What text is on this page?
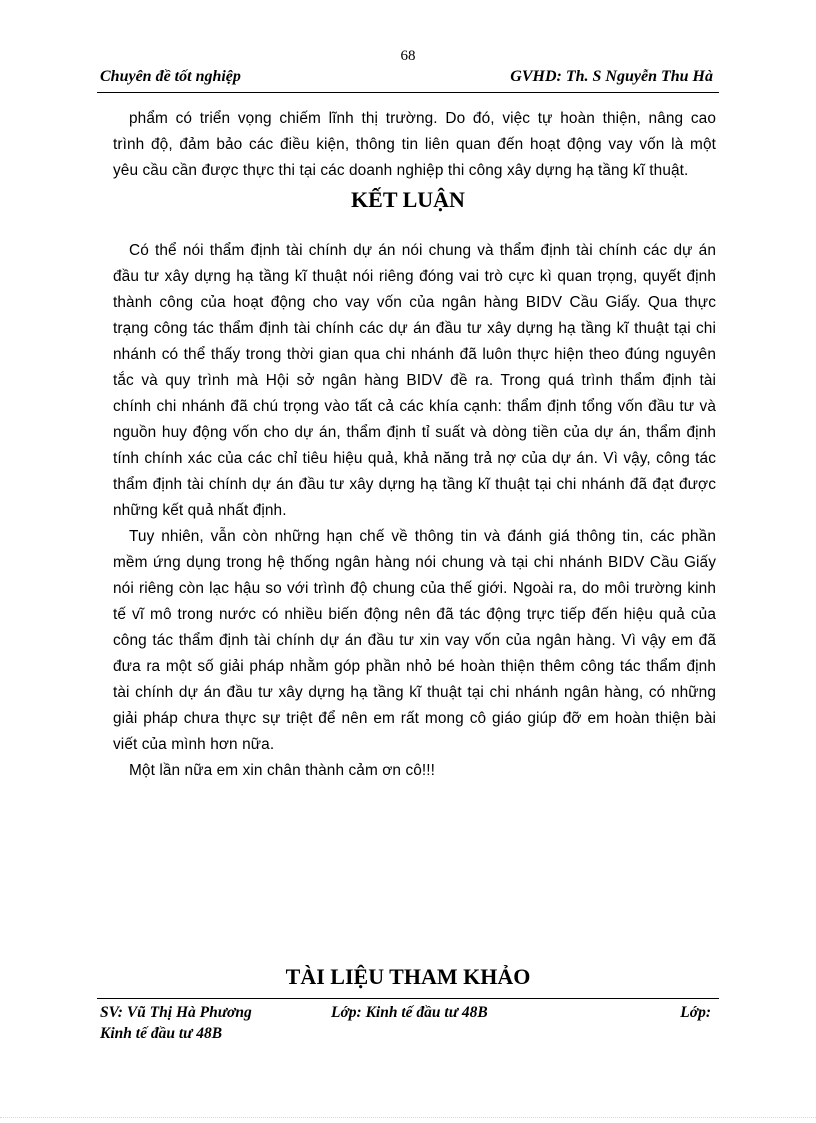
68
Chuyên đề tốt nghiệp	GVHD: Th. S Nguyễn Thu Hà
phẩm có triển vọng chiếm lĩnh thị trường. Do đó, việc tự hoàn thiện, nâng cao
trình độ, đảm bảo các điều kiện, thông tin liên quan đến hoạt động vay vốn là một
yêu cầu cần được thực thi tại các doanh nghiệp thi công xây dựng hạ tầng kĩ thuật.
KẾT LUẬN
Có thể nói thẩm định tài chính dự án nói chung và thẩm định tài chính các dự án
đầu tư xây dựng hạ tầng kĩ thuật nói riêng đóng vai trò cực kì quan trọng, quyết định
thành công của hoạt động cho vay vốn của ngân hàng BIDV Cầu Giấy. Qua thực
trạng công tác thẩm định tài chính các dự án đầu tư xây dựng hạ tầng kĩ thuật tại chi
nhánh có thể thấy trong thời gian qua chi nhánh đã luôn thực hiện theo đúng nguyên
tắc và quy trình mà Hội sở ngân hàng BIDV đề ra. Trong quá trình thẩm định tài
chính chi nhánh đã chú trọng vào tất cả các khía cạnh: thẩm định tổng vốn đầu tư và
nguồn huy động vốn cho dự án, thẩm định tỉ suất và dòng tiền của dự án, thẩm định
tính chính xác của các chỉ tiêu hiệu quả, khả năng trả nợ của dự án. Vì vậy, công tác
thẩm định tài chính dự án đầu tư xây dựng hạ tầng kĩ thuật tại chi nhánh đã đạt được
những kết quả nhất định.
Tuy nhiên, vẫn còn những hạn chế về thông tin và đánh giá thông tin, các phần
mềm ứng dụng trong hệ thống ngân hàng nói chung và tại chi nhánh BIDV Cầu Giấy
nói riêng còn lạc hậu so với trình độ chung của thế giới. Ngoài ra, do môi trường kinh
tế vĩ mô trong nước có nhiều biến động nên đã tác động trực tiếp đến hiệu quả của
công tác thẩm định tài chính dự án đầu tư xin vay vốn của ngân hàng. Vì vậy em đã
đưa ra một số giải pháp nhằm góp phần nhỏ bé hoàn thiện thêm công tác thẩm định
tài chính dự án đầu tư xây dựng hạ tầng kĩ thuật tại chi nhánh ngân hàng, có những
giải pháp chưa thực sự triệt để nên em rất mong cô giáo giúp đỡ em hoàn thiện bài
viết của mình hơn nữa.
Một lần nữa em xin chân thành cảm ơn cô!!!
TÀI LIỆU THAM KHẢO
SV: Vũ Thị Hà Phương	Lớp: Kinh tế đầu tư 48B	Lớp:
Kinh tế đầu tư 48B
